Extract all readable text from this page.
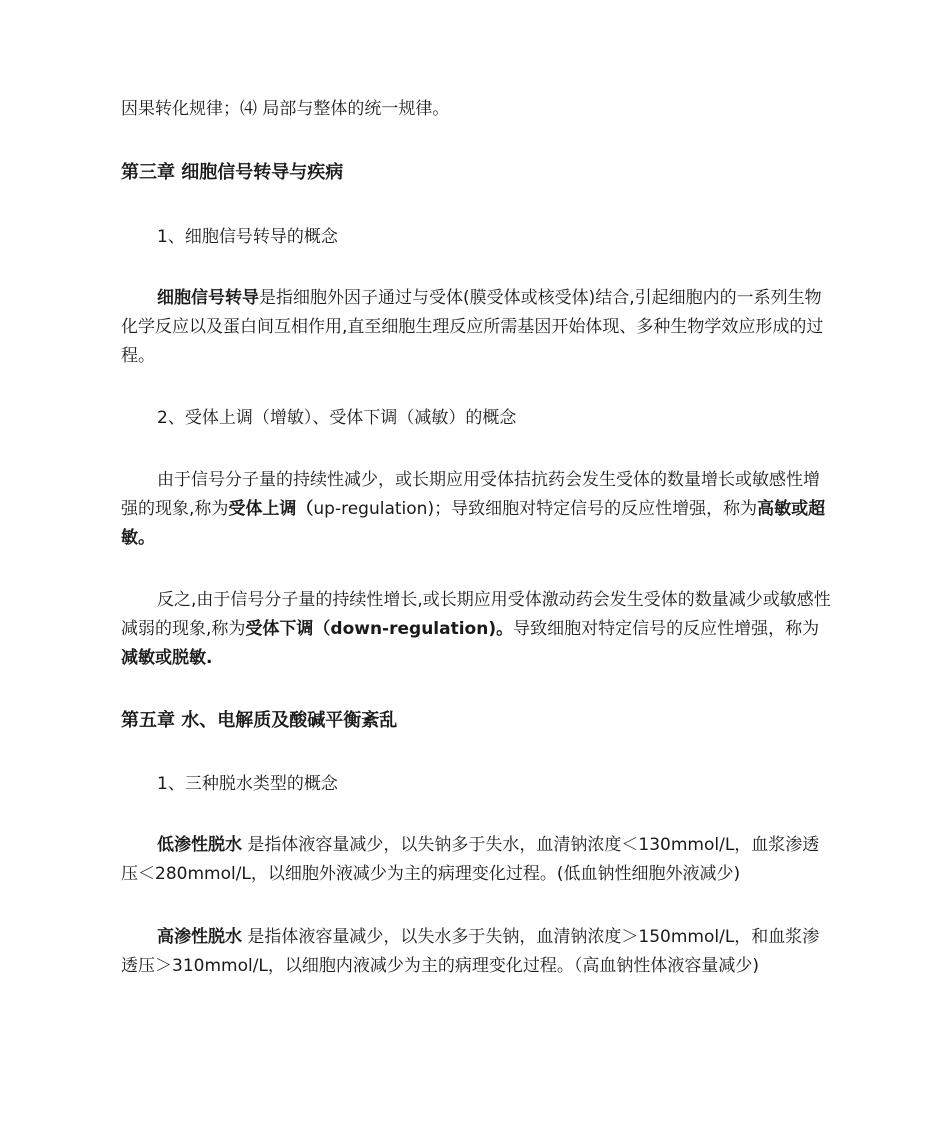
因果转化规律；⑷ 局部与整体的统一规律。

第三章 细胞信号转导与疾病

1、细胞信号转导的概念

细胞信号转导是指细胞外因子通过与受体(膜受体或核受体)结合,引起细胞内的一系列生物化学反应以及蛋白间互相作用,直至细胞生理反应所需基因开始体现、多种生物学效应形成的过程。

2、受体上调（增敏）、受体下调（减敏）的概念

由于信号分子量的持续性减少，或长期应用受体拮抗药会发生受体的数量增长或敏感性增强的现象,称为受体上调（up-regulation)；导致细胞对特定信号的反应性增强，称为高敏或超敏。

反之,由于信号分子量的持续性增长,或长期应用受体激动药会发生受体的数量减少或敏感性减弱的现象,称为受体下调（down-regulation)。导致细胞对特定信号的反应性增强，称为减敏或脱敏.

第五章 水、电解质及酸碱平衡紊乱

1、三种脱水类型的概念

低渗性脱水 是指体液容量减少，以失钠多于失水，血清钠浓度＜130mmol/L，血浆渗透压＜280mmol/L，以细胞外液减少为主的病理变化过程。(低血钠性细胞外液减少)

高渗性脱水 是指体液容量减少，以失水多于失钠，血清钠浓度＞150mmol/L，和血浆渗透压＞310mmol/L，以细胞内液减少为主的病理变化过程。（高血钠性体液容量减少)
